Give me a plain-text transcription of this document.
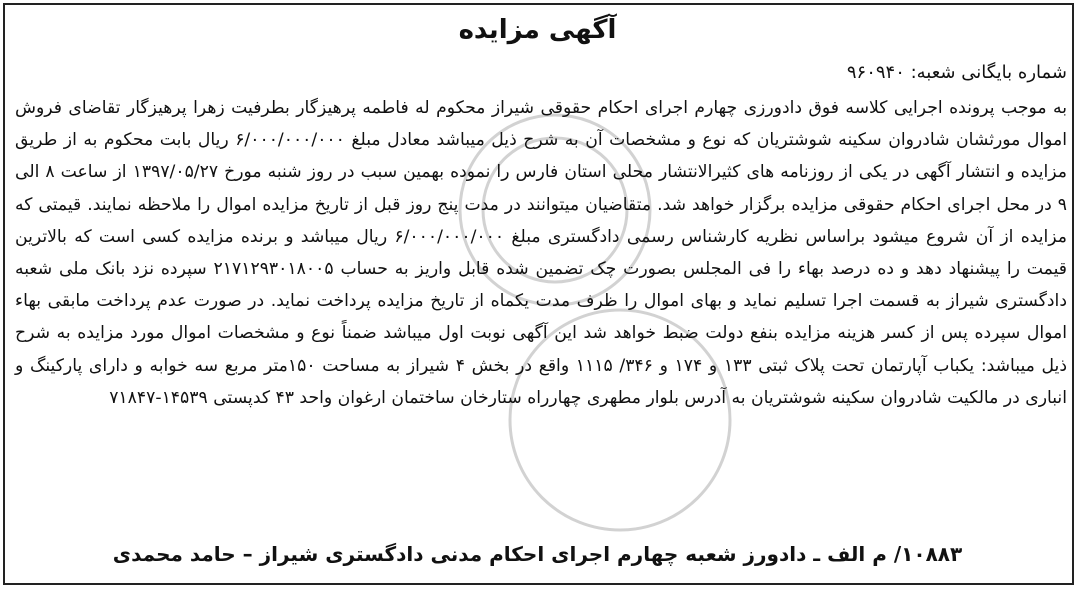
آگهی مزایده
شماره بایگانی شعبه: ۹۶۰۹۴۰
به موجب پرونده اجرایی کلاسه فوق دادورزی چهارم اجرای احکام حقوقی شیراز محکوم له فاطمه پرهیزگار بطرفیت زهرا پرهیزگار تقاضای فروش اموال مورثشان شادروان سکینه شوشتریان که نوع و مشخصات آن به شرح ذیل میباشد معادل مبلغ ۶/۰۰۰/۰۰۰/۰۰۰ ریال بابت محکوم به از طریق مزایده و انتشار آگهی در یکی از روزنامه های کثیرالانتشار محلی استان فارس را نموده بهمین سبب در روز شنبه مورخ ۱۳۹۷/۰۵/۲۷ از ساعت ۸ الی ۹ در محل اجرای احکام حقوقی مزایده برگزار خواهد شد. متقاضیان میتوانند در مدت پنج روز قبل از تاریخ مزایده اموال را ملاحظه نمایند. قیمتی که مزایده از آن شروع میشود براساس نظریه کارشناس رسمی دادگستری مبلغ ۶/۰۰۰/۰۰۰/۰۰۰ ریال میباشد و برنده مزایده کسی است که بالاترین قیمت را پیشنهاد دهد و ده درصد بهاء را فی المجلس بصورت چک تضمین شده قابل واریز به حساب ۲۱۷۱۲۹۳۰۱۸۰۰۵ سپرده نزد بانک ملی شعبه دادگستری شیراز به قسمت اجرا تسلیم نماید و بهای اموال را ظرف مدت یکماه از تاریخ مزایده پرداخت نماید. در صورت عدم پرداخت مابقی بهاء اموال سپرده پس از کسر هزینه مزایده بنفع دولت ضبط خواهد شد این آگهی نوبت اول میباشد ضمناً نوع و مشخصات اموال مورد مزایده به شرح ذیل میباشد: یکباب آپارتمان تحت پلاک ثبتی ۱۳۳ و ۱۷۴ و ۳۴۶/ ۱۱۱۵ واقع در بخش ۴ شیراز به مساحت ۱۵۰متر مربع سه خوابه و دارای پارکینگ و انباری در مالکیت شادروان سکینه شوشتریان به آدرس بلوار مطهری چهارراه ستارخان ساختمان ارغوان واحد ۴۳ کدپستی ۱۴۵۳۹-۷۱۸۴۷
۱۰۸۸۳/ م الف ـ دادورز شعبه چهارم اجرای احکام مدنی دادگستری شیراز – حامد محمدی
